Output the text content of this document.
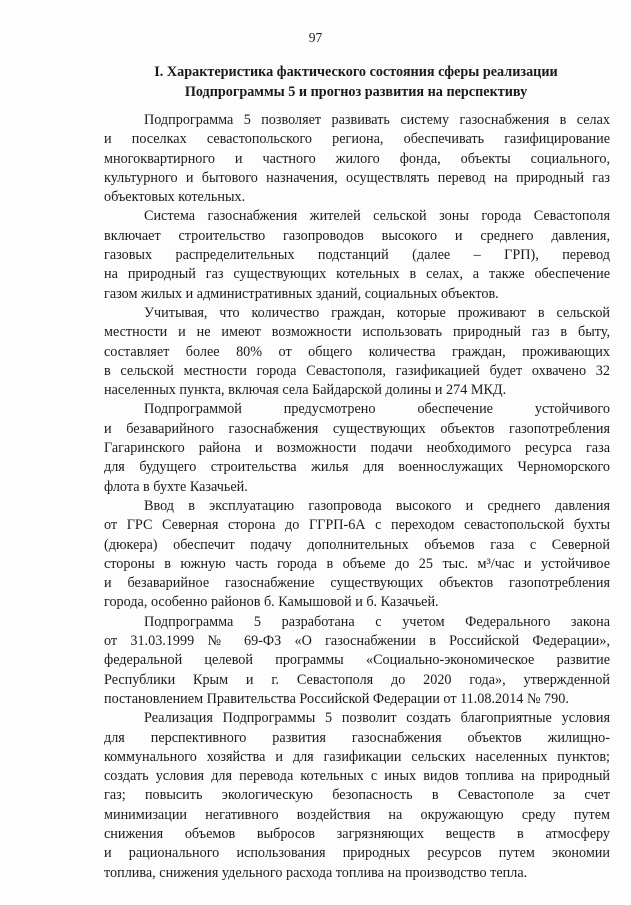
97
I. Характеристика фактического состояния сферы реализации
Подпрограммы 5 и прогноз развития на перспективу
Подпрограмма 5 позволяет развивать систему газоснабжения в селах
и поселках севастопольского региона, обеспечивать газифицирование
многоквартирного и частного жилого фонда, объекты социального,
культурного и бытового назначения, осуществлять перевод на природный газ
объектовых котельных.
Система газоснабжения жителей сельской зоны города Севастополя
включает строительство газопроводов высокого и среднего давления,
газовых распределительных подстанций (далее – ГРП), перевод
на природный газ существующих котельных в селах, а также обеспечение
газом жилых и административных зданий, социальных объектов.
Учитывая, что количество граждан, которые проживают в сельской
местности и не имеют возможности использовать природный газ в быту,
составляет более 80% от общего количества граждан, проживающих
в сельской местности города Севастополя, газификацией будет охвачено 32
населенных пункта, включая села Байдарской долины и 274 МКД.
Подпрограммой предусмотрено обеспечение устойчивого
и безаварийного газоснабжения существующих объектов газопотребления
Гагаринского района и возможности подачи необходимого ресурса газа
для будущего строительства жилья для военнослужащих Черноморского
флота в бухте Казачьей.
Ввод в эксплуатацию газопровода высокого и среднего давления
от ГРС Северная сторона до ГГРП-6А с переходом севастопольской бухты
(дюкера) обеспечит подачу дополнительных объемов газа с Северной
стороны в южную часть города в объеме до 25 тыс. м³/час и устойчивое
и безаварийное газоснабжение существующих объектов газопотребления
города, особенно районов б. Камышовой и б. Казачьей.
Подпрограмма 5 разработана с учетом Федерального закона
от 31.03.1999 № 69-ФЗ «О газоснабжении в Российской Федерации»,
федеральной целевой программы «Социально-экономическое развитие
Республики Крым и г. Севастополя до 2020 года», утвержденной
постановлением Правительства Российской Федерации от 11.08.2014 № 790.
Реализация Подпрограммы 5 позволит создать благоприятные условия
для перспективного развития газоснабжения объектов жилищно-
коммунального хозяйства и для газификации сельских населенных пунктов;
создать условия для перевода котельных с иных видов топлива на природный
газ; повысить экологическую безопасность в Севастополе за счет
минимизации негативного воздействия на окружающую среду путем
снижения объемов выбросов загрязняющих веществ в атмосферу
и рационального использования природных ресурсов путем экономии
топлива, снижения удельного расхода топлива на производство тепла.
